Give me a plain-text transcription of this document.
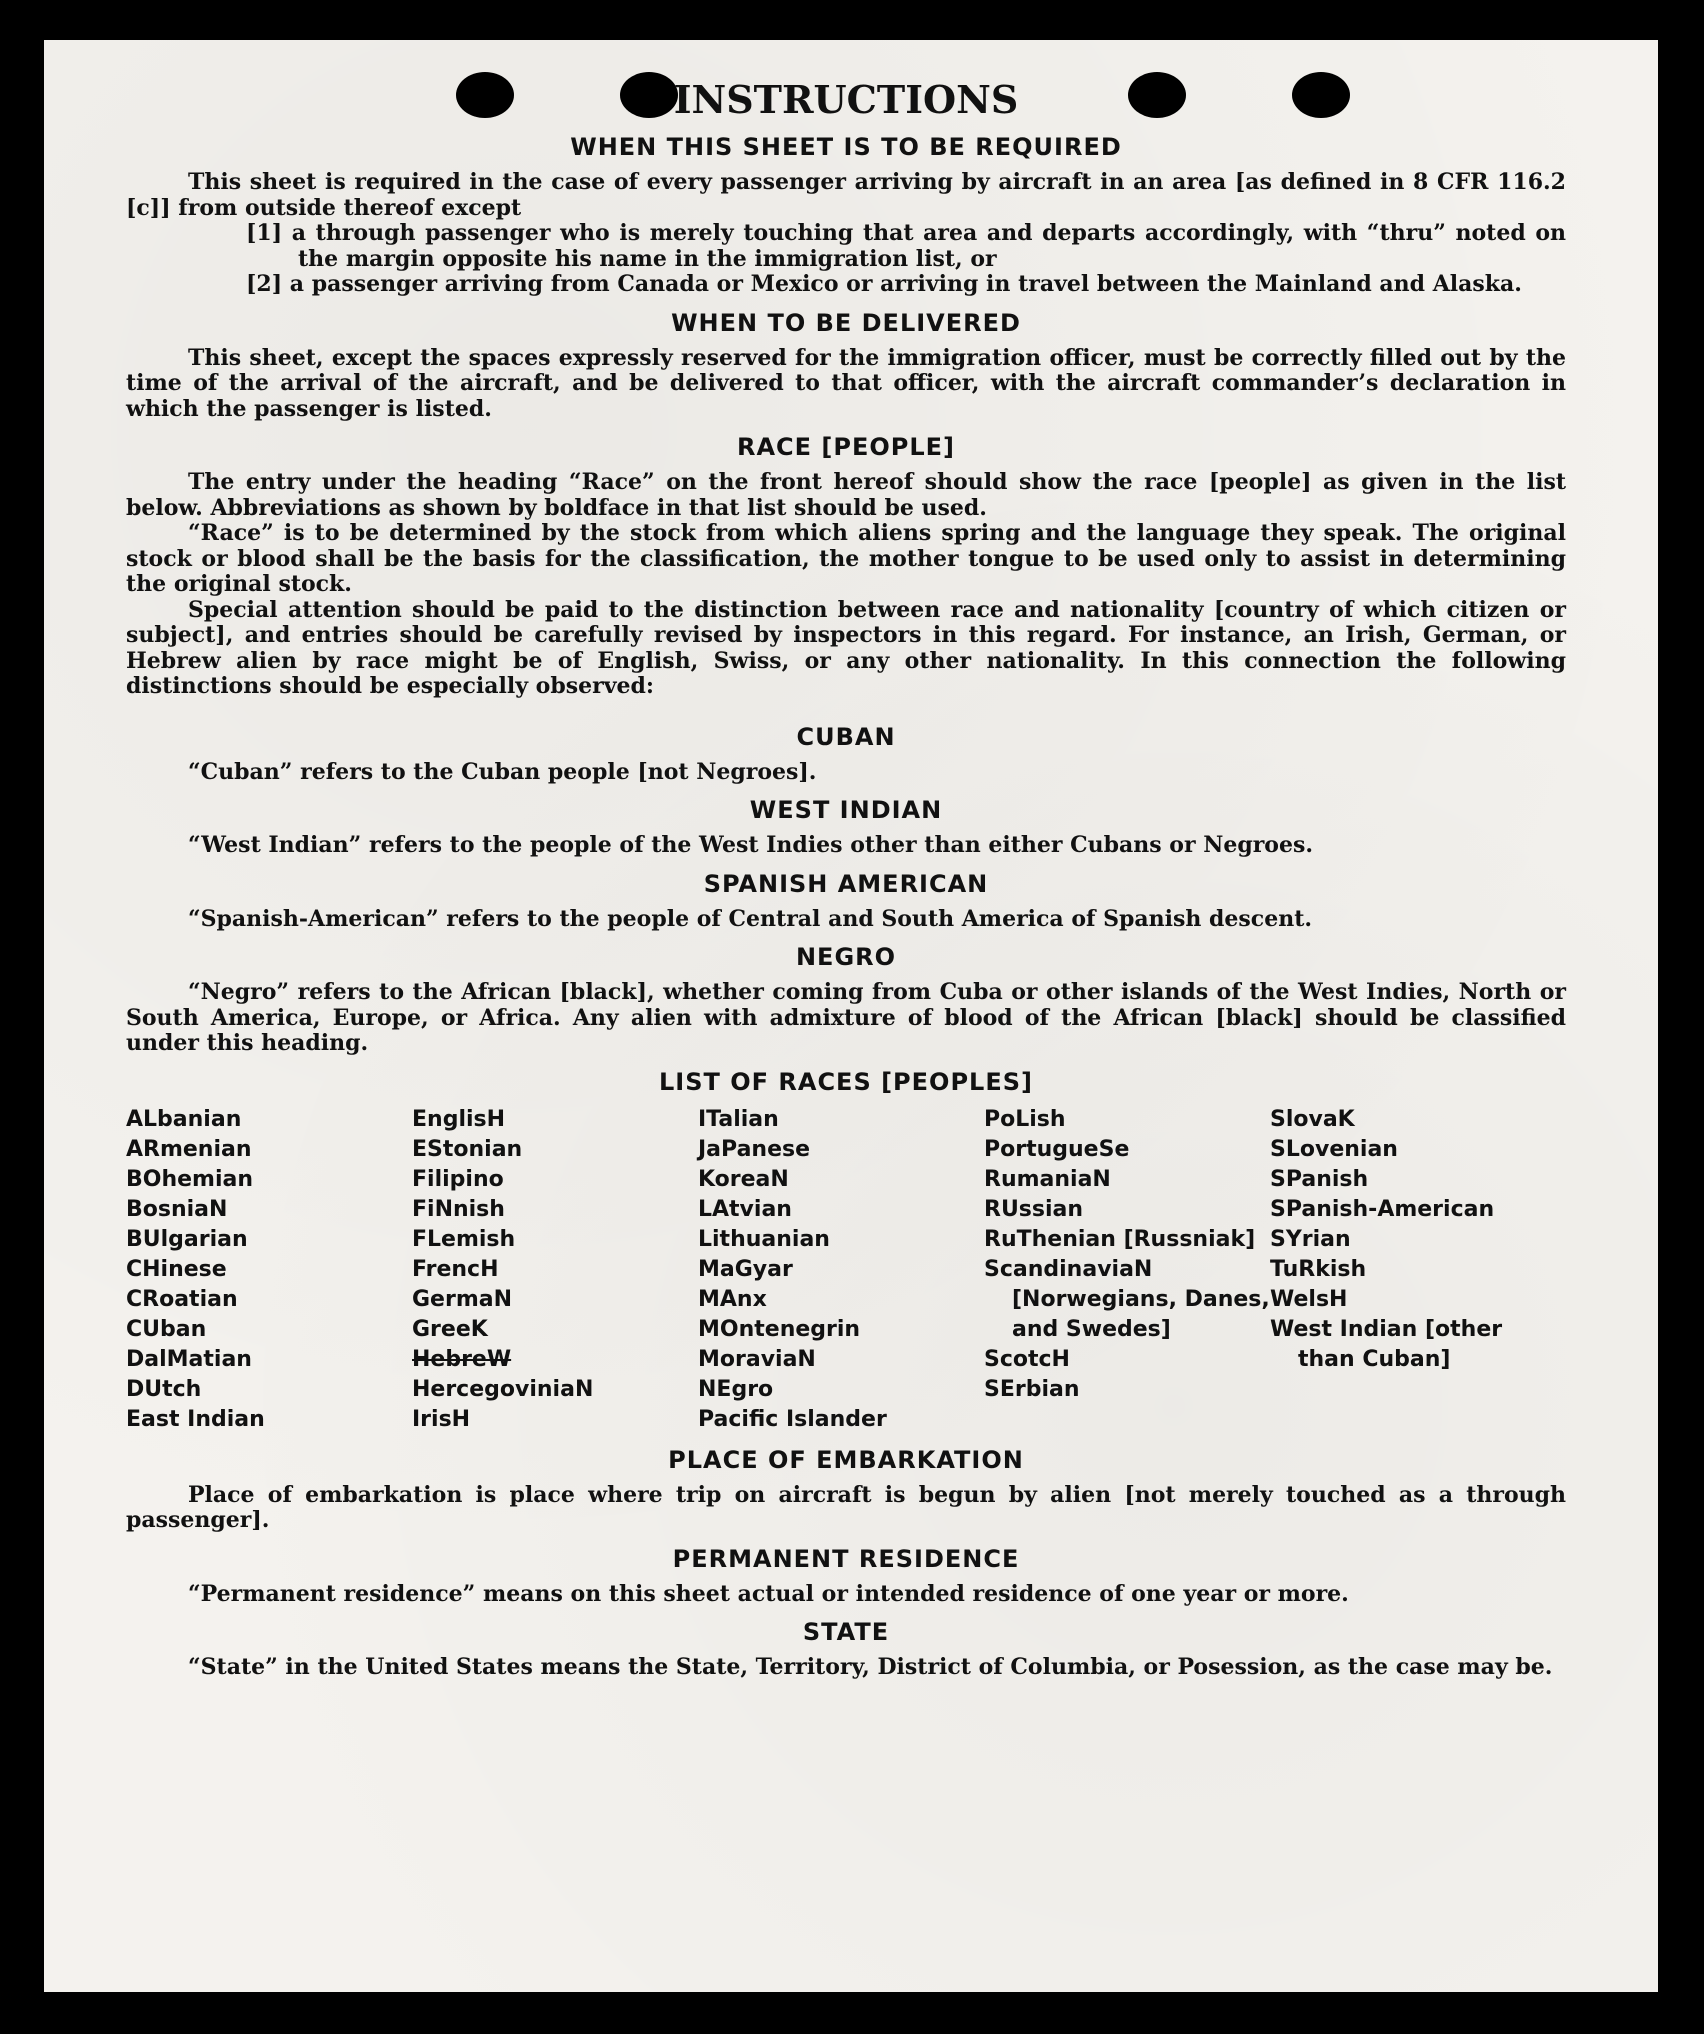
INSTRUCTIONS
WHEN THIS SHEET IS TO BE REQUIRED

This sheet is required in the case of every passenger arriving by aircraft in an area [as defined in 8 CFR 116.2 [c]] from outside thereof except

[1] a through passenger who is merely touching that area and departs accordingly, with “thru” noted on the margin opposite his name in the immigration list, or

[2] a passenger arriving from Canada or Mexico or arriving in travel between the Mainland and Alaska.

WHEN TO BE DELIVERED

This sheet, except the spaces expressly reserved for the immigration officer, must be correctly filled out by the time of the arrival of the aircraft, and be delivered to that officer, with the aircraft commander’s declaration in which the passenger is listed.

RACE [PEOPLE]

The entry under the heading “Race” on the front hereof should show the race [people] as given in the list below. Abbreviations as shown by boldface in that list should be used.

“Race” is to be determined by the stock from which aliens spring and the language they speak. The original stock or blood shall be the basis for the classification, the mother tongue to be used only to assist in determining the original stock.

Special attention should be paid to the distinction between race and nationality [country of which citizen or subject], and entries should be carefully revised by inspectors in this regard. For instance, an Irish, German, or Hebrew alien by race might be of English, Swiss, or any other nationality. In this connection the following distinctions should be especially observed:

CUBAN

“Cuban” refers to the Cuban people [not Negroes].

WEST INDIAN

“West Indian” refers to the people of the West Indies other than either Cubans or Negroes.

SPANISH AMERICAN

“Spanish-American” refers to the people of Central and South America of Spanish descent.

NEGRO

“Negro” refers to the African [black], whether coming from Cuba or other islands of the West Indies, North or South America, Europe, or Africa. Any alien with admixture of blood of the African [black] should be classified under this heading.

LIST OF RACES [PEOPLES]
ALbanian
ARmenian
BOhemian
BosniaN
BUlgarian
CHinese
CRoatian
CUban
DalMatian
DUtch
East Indian
EnglisH
EStonian
Filipino
FiNnish
FLemish
FrencH
GermaN
GreeK
HebreW
HercegoviniaN
IrisH
ITalian
JaPanese
KoreaN
LAtvian
Lithuanian
MaGyar
MAnx
MOntenegrin
MoraviaN
NEgro
Pacific Islander
PoLish
PortugueSe
RumaniaN
RUssian
RuThenian [Russniak]
ScandinaviaN [Norwegians, Danes, and Swedes]
ScotcH
SErbian
SlovaK
SLovenian
SPanish
SPanish-American
SYrian
TuRkish
WelsH
West Indian [other than Cuban]
PLACE OF EMBARKATION

Place of embarkation is place where trip on aircraft is begun by alien [not merely touched as a through passenger].

PERMANENT RESIDENCE

“Permanent residence” means on this sheet actual or intended residence of one year or more.

STATE

“State” in the United States means the State, Territory, District of Columbia, or Posession, as the case may be.
